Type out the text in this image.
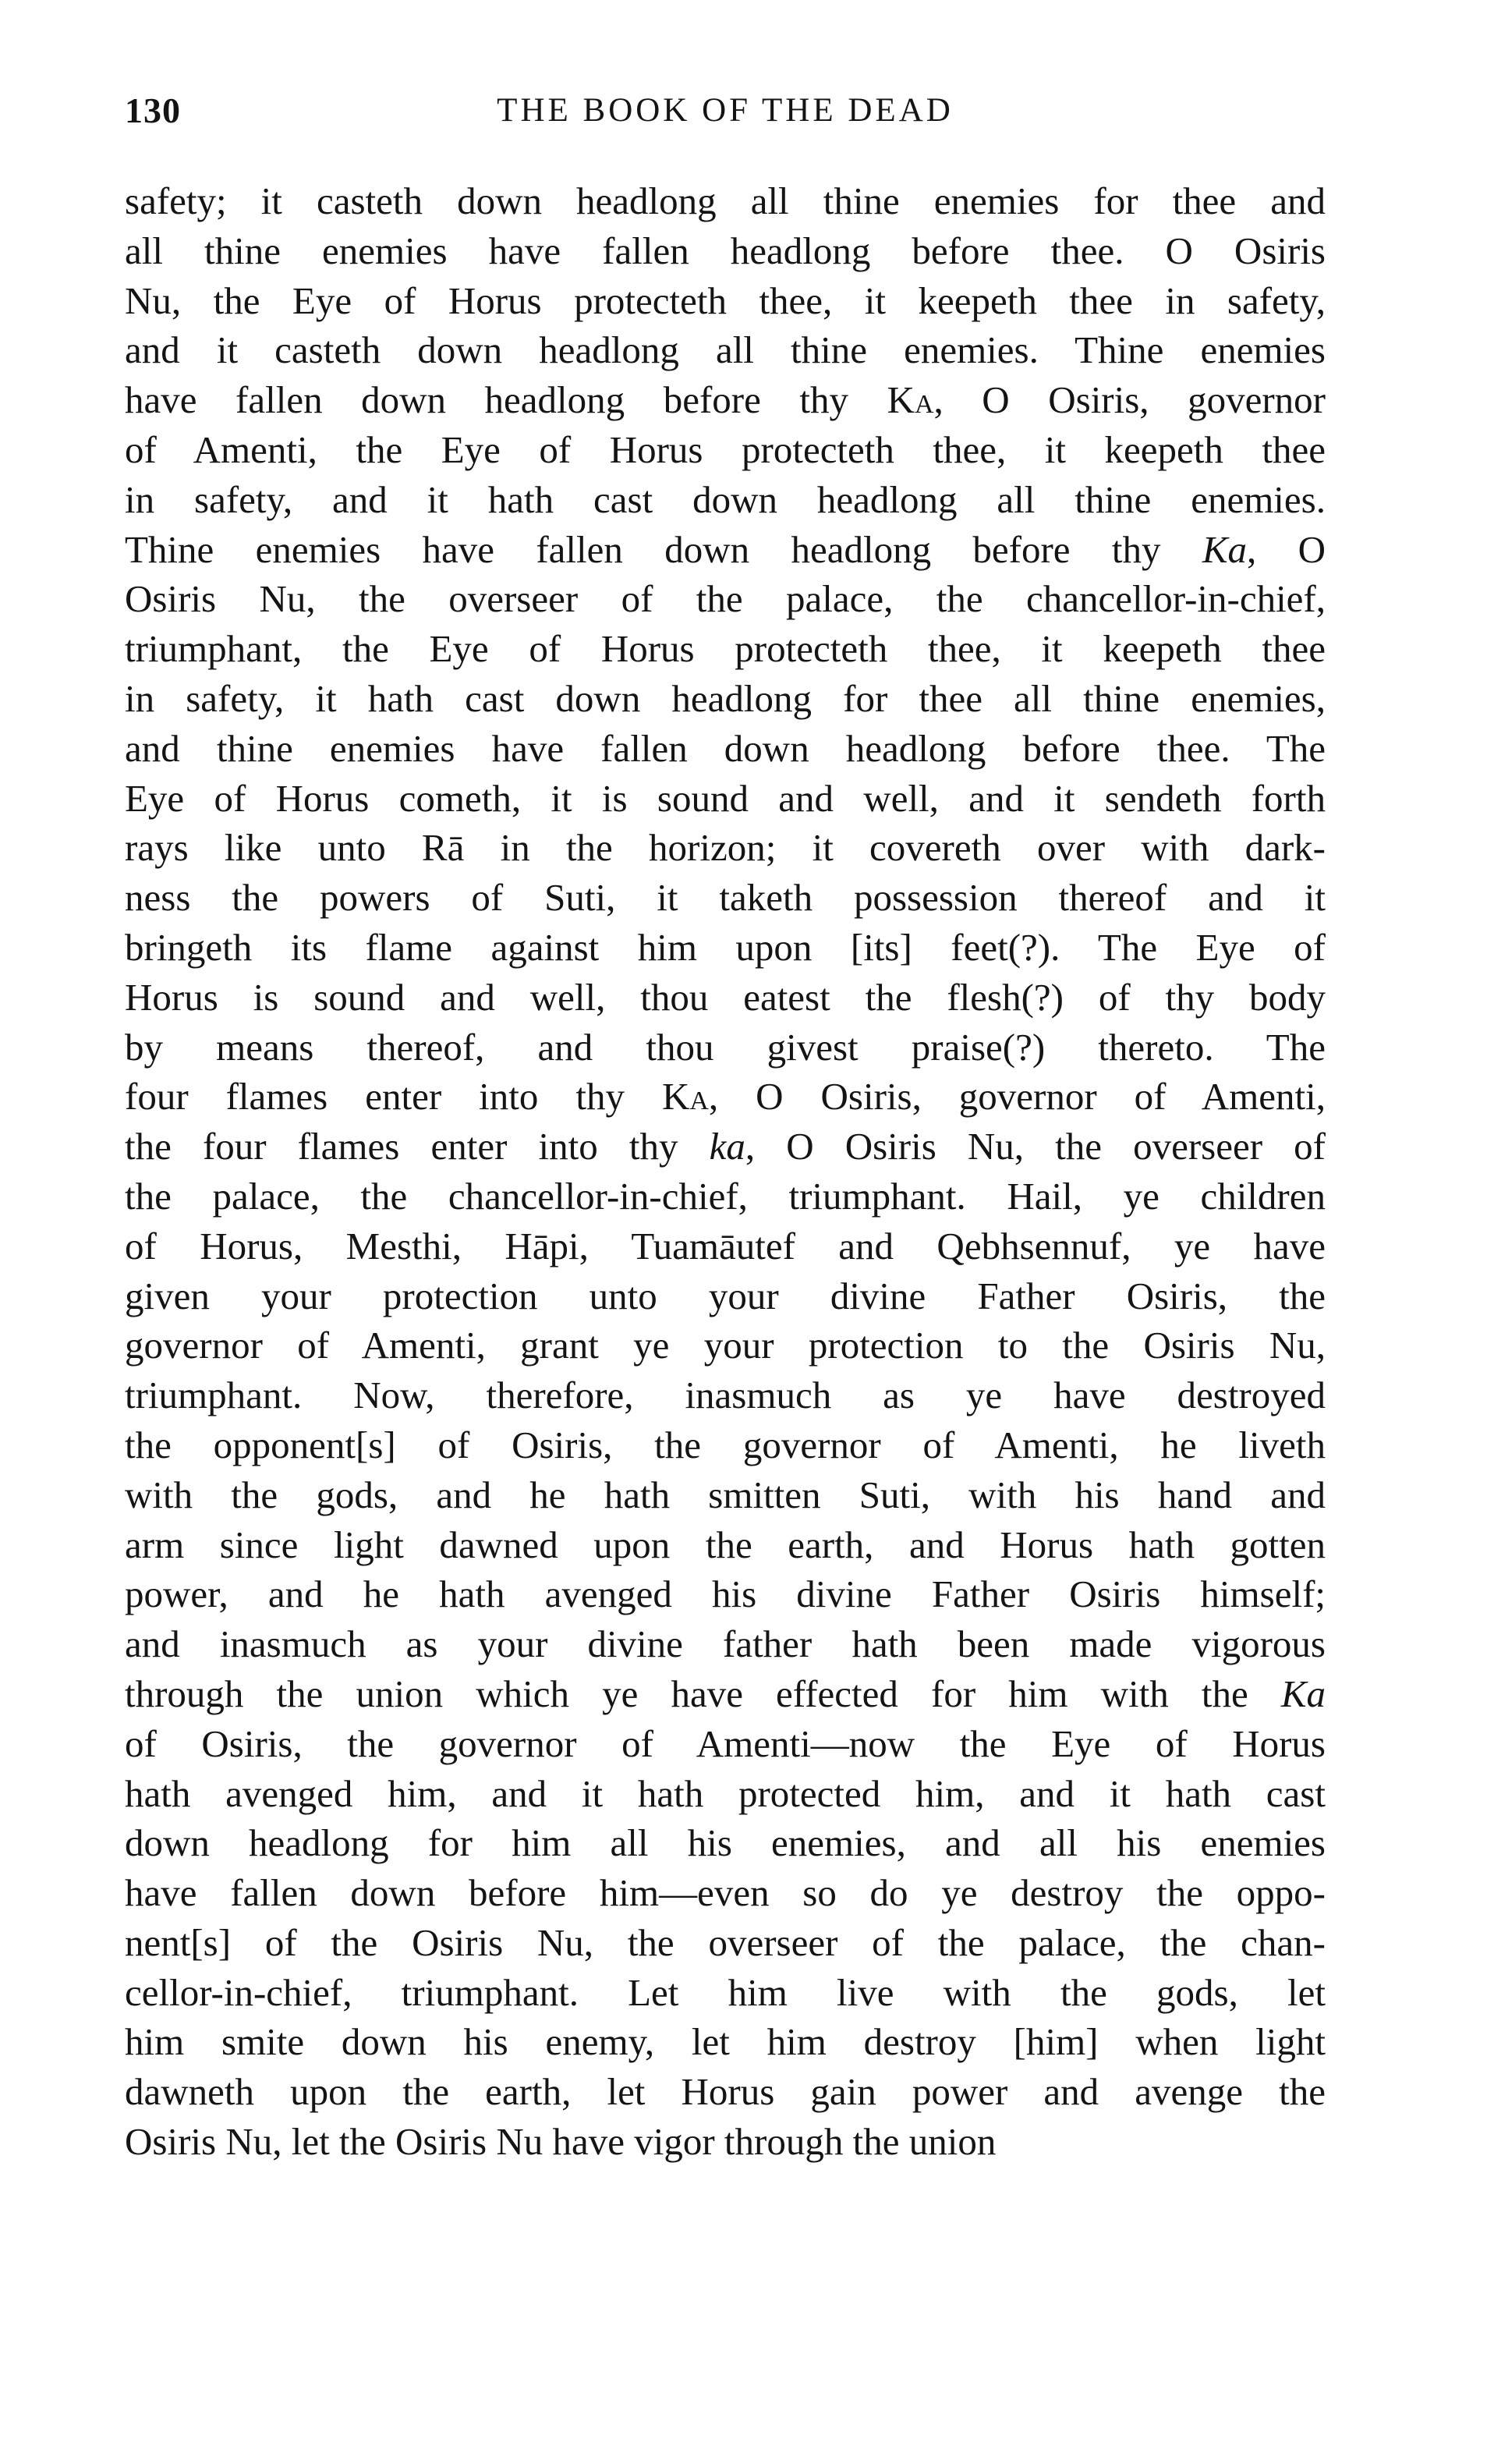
130	THE BOOK OF THE DEAD
safety; it casteth down headlong all thine enemies for thee and
all thine enemies have fallen headlong before thee. O Osiris
Nu, the Eye of Horus protecteth thee, it keepeth thee in safety,
and it casteth down headlong all thine enemies. Thine enemies
have fallen down headlong before thy Ka, O Osiris, governor
of Amenti, the Eye of Horus protecteth thee, it keepeth thee
in safety, and it hath cast down headlong all thine enemies.
Thine enemies have fallen down headlong before thy Ka, O
Osiris Nu, the overseer of the palace, the chancellor-in-chief,
triumphant, the Eye of Horus protecteth thee, it keepeth thee
in safety, it hath cast down headlong for thee all thine enemies,
and thine enemies have fallen down headlong before thee. The
Eye of Horus cometh, it is sound and well, and it sendeth forth
rays like unto Rā in the horizon; it covereth over with dark-
ness the powers of Suti, it taketh possession thereof and it
bringeth its flame against him upon [its] feet(?). The Eye of
Horus is sound and well, thou eatest the flesh(?) of thy body
by means thereof, and thou givest praise(?) thereto. The
four flames enter into thy Ka, O Osiris, governor of Amenti,
the four flames enter into thy ka, O Osiris Nu, the overseer of
the palace, the chancellor-in-chief, triumphant. Hail, ye children
of Horus, Mesthi, Hāpi, Tuamāutef and Qebhsennuf, ye have
given your protection unto your divine Father Osiris, the
governor of Amenti, grant ye your protection to the Osiris Nu,
triumphant. Now, therefore, inasmuch as ye have destroyed
the opponent[s] of Osiris, the governor of Amenti, he liveth
with the gods, and he hath smitten Suti, with his hand and
arm since light dawned upon the earth, and Horus hath gotten
power, and he hath avenged his divine Father Osiris himself;
and inasmuch as your divine father hath been made vigorous
through the union which ye have effected for him with the Ka
of Osiris, the governor of Amenti—now the Eye of Horus
hath avenged him, and it hath protected him, and it hath cast
down headlong for him all his enemies, and all his enemies
have fallen down before him—even so do ye destroy the oppo-
nent[s] of the Osiris Nu, the overseer of the palace, the chan-
cellor-in-chief, triumphant. Let him live with the gods, let
him smite down his enemy, let him destroy [him] when light
dawneth upon the earth, let Horus gain power and avenge the
Osiris Nu, let the Osiris Nu have vigor through the union
